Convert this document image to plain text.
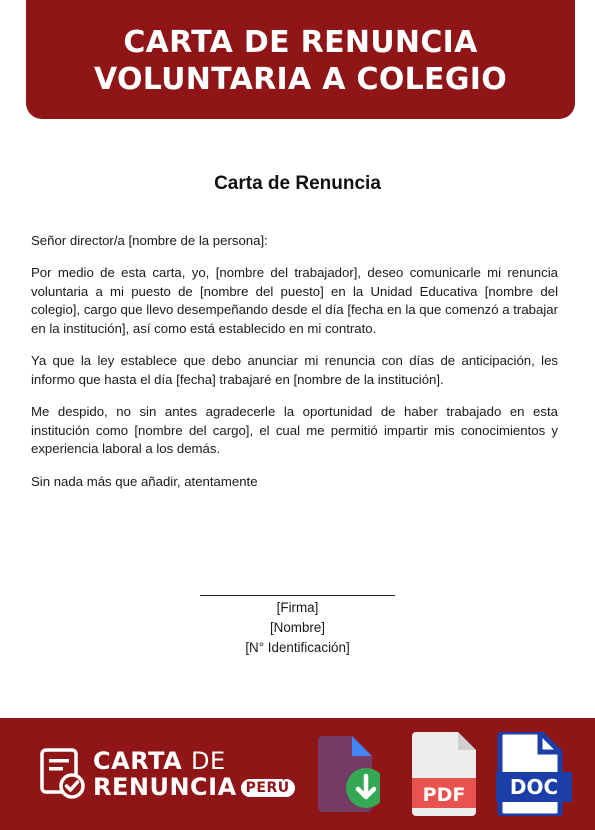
CARTA DE RENUNCIA
VOLUNTARIA A COLEGIO
Carta de Renuncia

Señor director/a [nombre de la persona]:

Por medio de esta carta, yo, [nombre del trabajador], deseo comunicarle mi renuncia voluntaria a mi puesto de [nombre del puesto] en la Unidad Educativa [nombre del colegio], cargo que llevo desempeñando desde el día [fecha en la que comenzó a trabajar en la institución], así como está establecido en mi contrato.

Ya que la ley establece que debo anunciar mi renuncia con días de anticipación, les informo que hasta el día [fecha] trabajaré en [nombre de la institución].

Me despido, no sin antes agradecerle la oportunidad de haber trabajado en esta institución como [nombre del cargo], el cual me permitió impartir mis conocimientos y experiencia laboral a los demás.

Sin nada más que añadir, atentamente

[Firma]
[Nombre]
[N° Identificación]
CARTA DE
RENUNCIA PERÚ	PDF DOC
